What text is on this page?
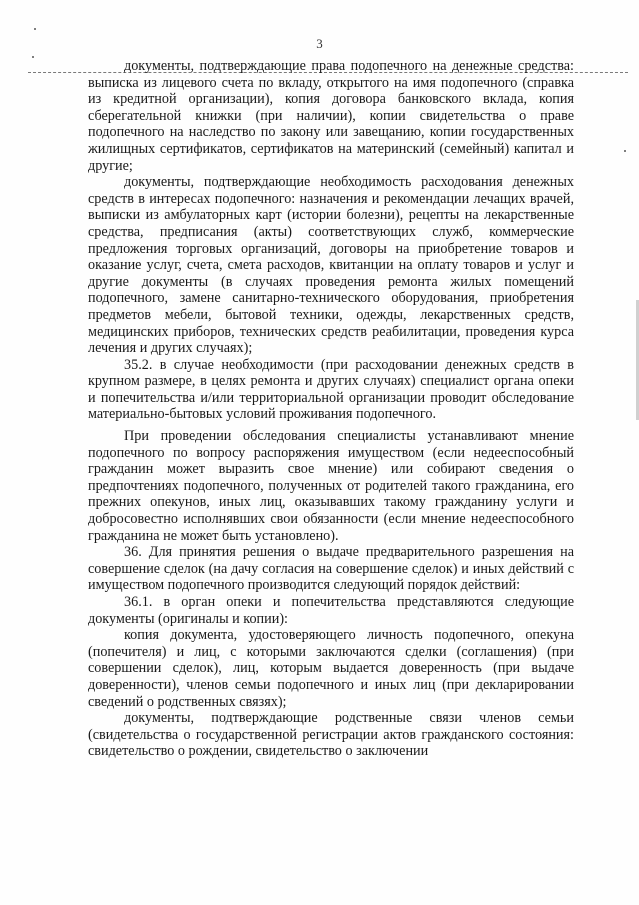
3

документы, подтверждающие права подопечного на денежные средства: выписка из лицевого счета по вкладу, открытого на имя подопечного (справка из кредитной организации), копия договора банковского вклада, копия сберегательной книжки (при наличии), копии свидетельства о праве подопечного на наследство по закону или завещанию, копии государственных жилищных сертификатов, сертификатов на материнский (семейный) капитал и другие;

документы, подтверждающие необходимость расходования денежных средств в интересах подопечного: назначения и рекомендации лечащих врачей, выписки из амбулаторных карт (истории болезни), рецепты на лекарственные средства, предписания (акты) соответствующих служб, коммерческие предложения торговых организаций, договоры на приобретение товаров и оказание услуг, счета, смета расходов, квитанции на оплату товаров и услуг и другие документы (в случаях проведения ремонта жилых помещений подопечного, замене санитарно-технического оборудования, приобретения предметов мебели, бытовой техники, одежды, лекарственных средств, медицинских приборов, технических средств реабилитации, проведения курса лечения и других случаях);

35.2. в случае необходимости (при расходовании денежных средств в крупном размере, в целях ремонта и других случаях) специалист органа опеки и попечительства и/или территориальной организации проводит обследование материально-бытовых условий проживания подопечного.

При проведении обследования специалисты устанавливают мнение подопечного по вопросу распоряжения имуществом (если недееспособный гражданин может выразить свое мнение) или собирают сведения о предпочтениях подопечного, полученных от родителей такого гражданина, его прежних опекунов, иных лиц, оказывавших такому гражданину услуги и добросовестно исполнявших свои обязанности (если мнение недееспособного гражданина не может быть установлено).

36. Для принятия решения о выдаче предварительного разрешения на совершение сделок (на дачу согласия на совершение сделок) и иных действий с имуществом подопечного производится следующий порядок действий:

36.1. в орган опеки и попечительства представляются следующие документы (оригиналы и копии):

копия документа, удостоверяющего личность подопечного, опекуна (попечителя) и лиц, с которыми заключаются сделки (соглашения) (при совершении сделок), лиц, которым выдается доверенность (при выдаче доверенности), членов семьи подопечного и иных лиц (при декларировании сведений о родственных связях);

документы, подтверждающие родственные связи членов семьи (свидетельства о государственной регистрации актов гражданского состояния: свидетельство о рождении, свидетельство о заключении
